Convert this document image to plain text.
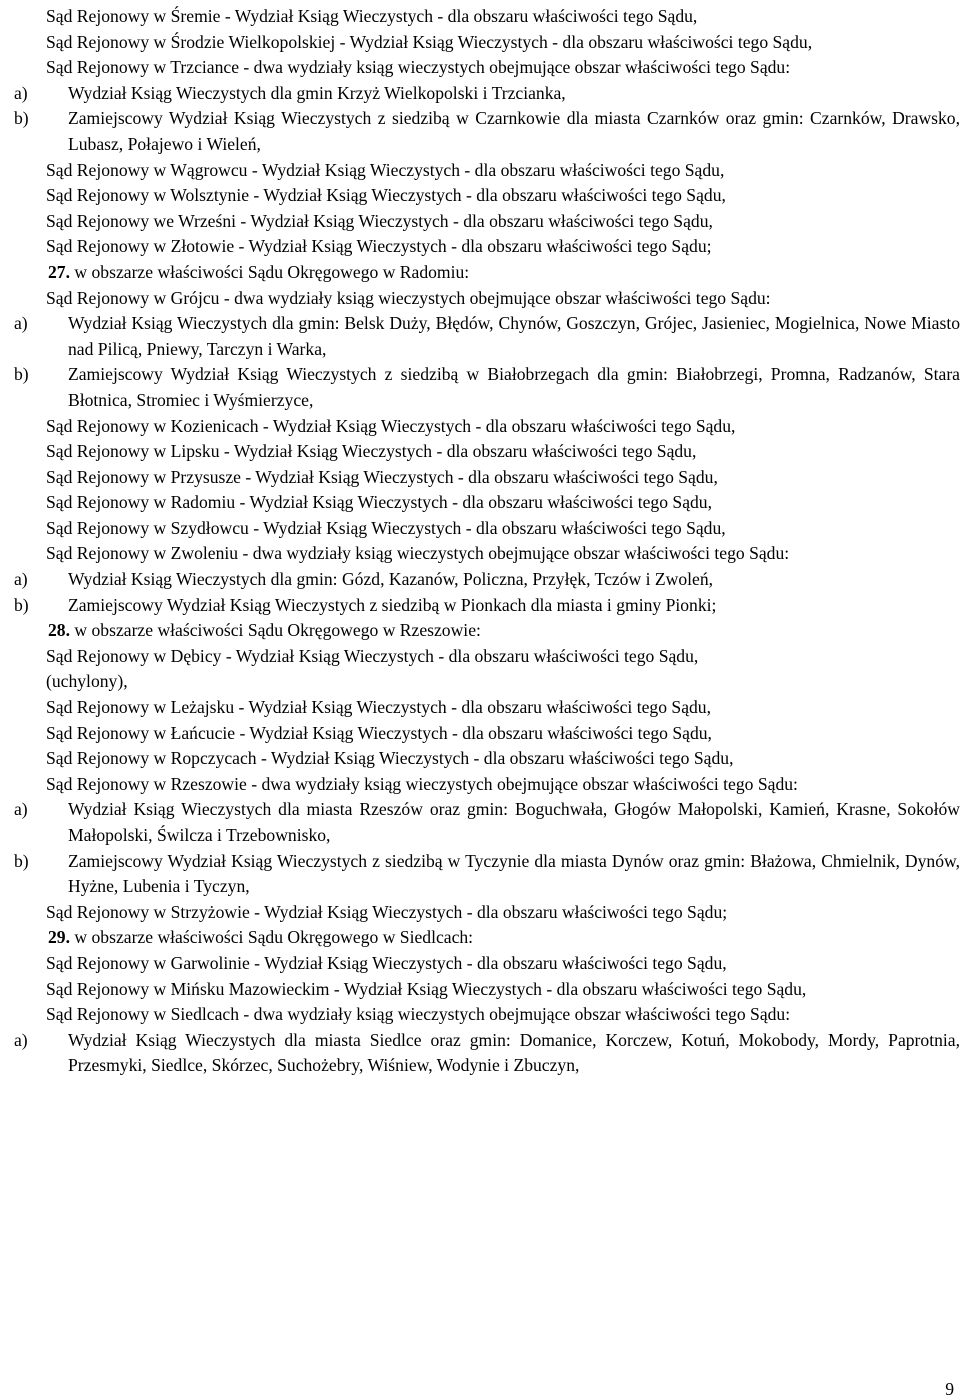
Sąd Rejonowy w Śremie - Wydział Ksiąg Wieczystych - dla obszaru właściwości tego Sądu,
Sąd Rejonowy w Środzie Wielkopolskiej - Wydział Ksiąg Wieczystych - dla obszaru właściwości tego Sądu,
Sąd Rejonowy w Trzciance - dwa wydziały ksiąg wieczystych obejmujące obszar właściwości tego Sądu:
a) Wydział Ksiąg Wieczystych dla gmin Krzyż Wielkopolski i Trzcianka,
b) Zamiejscowy Wydział Ksiąg Wieczystych z siedzibą w Czarnkowie dla miasta Czarnków oraz gmin: Czarnków, Drawsko, Lubasz, Połajewo i Wieleń,
Sąd Rejonowy w Wągrowcu - Wydział Ksiąg Wieczystych - dla obszaru właściwości tego Sądu,
Sąd Rejonowy w Wolsztynie - Wydział Ksiąg Wieczystych - dla obszaru właściwości tego Sądu,
Sąd Rejonowy we Wrześni - Wydział Ksiąg Wieczystych - dla obszaru właściwości tego Sądu,
Sąd Rejonowy w Złotowie - Wydział Ksiąg Wieczystych - dla obszaru właściwości tego Sądu;
27. w obszarze właściwości Sądu Okręgowego w Radomiu:
Sąd Rejonowy w Grójcu - dwa wydziały ksiąg wieczystych obejmujące obszar właściwości tego Sądu:
a) Wydział Ksiąg Wieczystych dla gmin: Belsk Duży, Błędów, Chynów, Goszczyn, Grójec, Jasieniec, Mogielnica, Nowe Miasto nad Pilicą, Pniewy, Tarczyn i Warka,
b) Zamiejscowy Wydział Ksiąg Wieczystych z siedzibą w Białobrzegach dla gmin: Białobrzegi, Promna, Radzanów, Stara Błotnica, Stromiec i Wyśmierzyce,
Sąd Rejonowy w Kozienicach - Wydział Ksiąg Wieczystych - dla obszaru właściwości tego Sądu,
Sąd Rejonowy w Lipsku - Wydział Ksiąg Wieczystych - dla obszaru właściwości tego Sądu,
Sąd Rejonowy w Przysusze - Wydział Ksiąg Wieczystych - dla obszaru właściwości tego Sądu,
Sąd Rejonowy w Radomiu - Wydział Ksiąg Wieczystych - dla obszaru właściwości tego Sądu,
Sąd Rejonowy w Szydłowcu - Wydział Ksiąg Wieczystych - dla obszaru właściwości tego Sądu,
Sąd Rejonowy w Zwoleniu - dwa wydziały ksiąg wieczystych obejmujące obszar właściwości tego Sądu:
a) Wydział Ksiąg Wieczystych dla gmin: Gózd, Kazanów, Policzna, Przyłęk, Tczów i Zwoleń,
b) Zamiejscowy Wydział Ksiąg Wieczystych z siedzibą w Pionkach dla miasta i gminy Pionki;
28. w obszarze właściwości Sądu Okręgowego w Rzeszowie:
Sąd Rejonowy w Dębicy - Wydział Ksiąg Wieczystych - dla obszaru właściwości tego Sądu,
(uchylony),
Sąd Rejonowy w Leżajsku - Wydział Ksiąg Wieczystych - dla obszaru właściwości tego Sądu,
Sąd Rejonowy w Łańcucie - Wydział Ksiąg Wieczystych - dla obszaru właściwości tego Sądu,
Sąd Rejonowy w Ropczycach - Wydział Ksiąg Wieczystych - dla obszaru właściwości tego Sądu,
Sąd Rejonowy w Rzeszowie - dwa wydziały ksiąg wieczystych obejmujące obszar właściwości tego Sądu:
a) Wydział Ksiąg Wieczystych dla miasta Rzeszów oraz gmin: Boguchwała, Głogów Małopolski, Kamień, Krasne, Sokołów Małopolski, Świlcza i Trzebownisko,
b) Zamiejscowy Wydział Ksiąg Wieczystych z siedzibą w Tyczynie dla miasta Dynów oraz gmin: Błażowa, Chmielnik, Dynów, Hyżne, Lubenia i Tyczyn,
Sąd Rejonowy w Strzyżowie - Wydział Ksiąg Wieczystych - dla obszaru właściwości tego Sądu;
29. w obszarze właściwości Sądu Okręgowego w Siedlcach:
Sąd Rejonowy w Garwolinie - Wydział Ksiąg Wieczystych - dla obszaru właściwości tego Sądu,
Sąd Rejonowy w Mińsku Mazowieckim - Wydział Ksiąg Wieczystych - dla obszaru właściwości tego Sądu,
Sąd Rejonowy w Siedlcach - dwa wydziały ksiąg wieczystych obejmujące obszar właściwości tego Sądu:
a) Wydział Ksiąg Wieczystych dla miasta Siedlce oraz gmin: Domanice, Korczew, Kotuń, Mokobody, Mordy, Paprotnia, Przesmyki, Siedlce, Skórzec, Suchożebry, Wiśniew, Wodynie i Zbuczyn,
9
